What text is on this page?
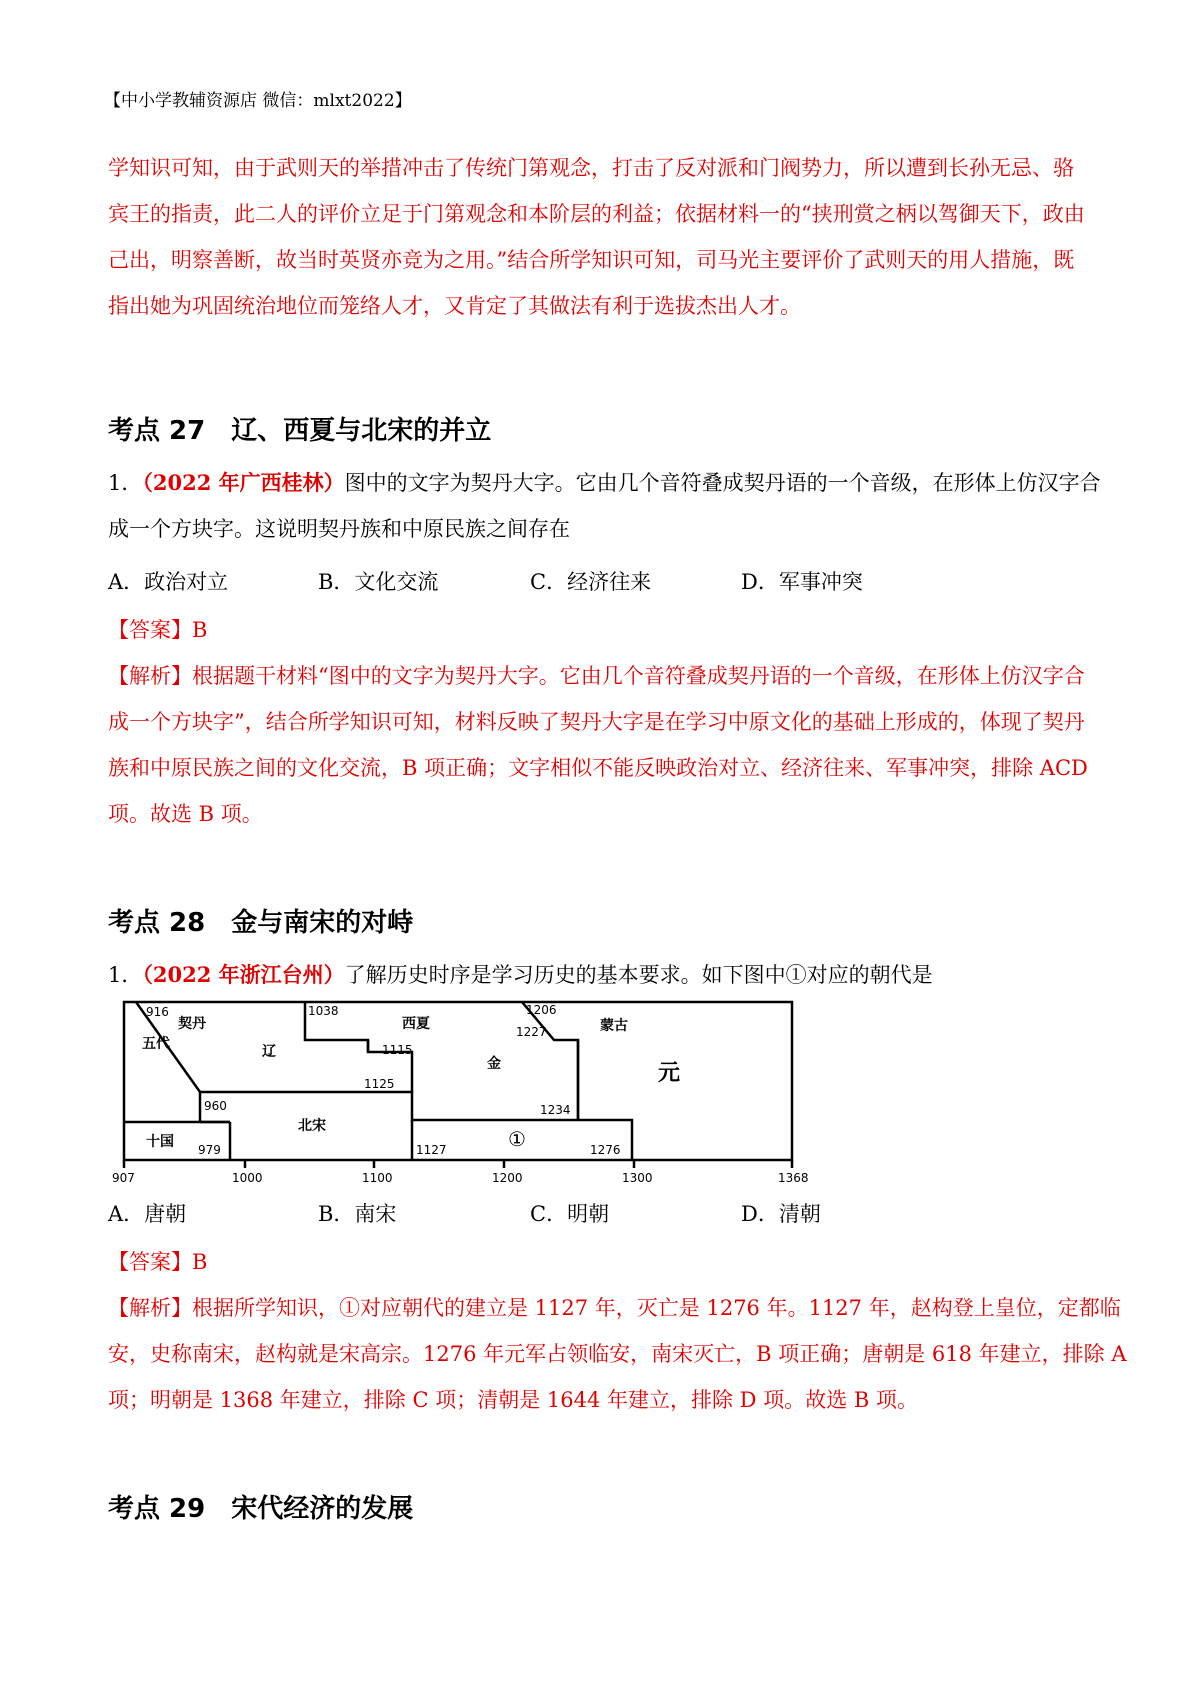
【中小学教辅资源店 微信：mlxt2022】
学知识可知，由于武则天的举措冲击了传统门第观念，打击了反对派和门阀势力，所以遭到长孙无忌、骆
宾王的指责，此二人的评价立足于门第观念和本阶层的利益；依据材料一的“挟刑赏之柄以驾御天下，政由
己出，明察善断，故当时英贤亦竞为之用。”结合所学知识可知，司马光主要评价了武则天的用人措施，既
指出她为巩固统治地位而笼络人才，又肯定了其做法有利于选拔杰出人才。
考点 27 辽、西夏与北宋的并立
1．（2022 年广西桂林）图中的文字为契丹大字。它由几个音符叠成契丹语的一个音级，在形体上仿汉字合
成一个方块字。这说明契丹族和中原民族之间存在
A．政治对立	B．文化交流	C．经济往来	D．军事冲突
【答案】B
【解析】根据题干材料“图中的文字为契丹大字。它由几个音符叠成契丹语的一个音级，在形体上仿汉字合
成一个方块字”，结合所学知识可知，材料反映了契丹大字是在学习中原文化的基础上形成的，体现了契丹
族和中原民族之间的文化交流，B 项正确；文字相似不能反映政治对立、经济往来、军事冲突，排除 ACD
项。故选 B 项。
考点 28 金与南宋的对峙
1．（2022 年浙江台州）了解历史时序是学习历史的基本要求。如下图中①对应的朝代是
916	1038	1206
1227
1115
1125
960	1234
979	1127	1276
五代
十国
契丹
辽
北宋
西夏
金
蒙古
元
①
907	1000	1100	1200	1300	1368
A．唐朝	B．南宋	C．明朝	D．清朝
【答案】B
【解析】根据所学知识，①对应朝代的建立是 1127 年，灭亡是 1276 年。1127 年，赵构登上皇位，定都临
安，史称南宋，赵构就是宋高宗。1276 年元军占领临安，南宋灭亡，B 项正确；唐朝是 618 年建立，排除 A
项；明朝是 1368 年建立，排除 C 项；清朝是 1644 年建立，排除 D 项。故选 B 项。
考点 29 宋代经济的发展
